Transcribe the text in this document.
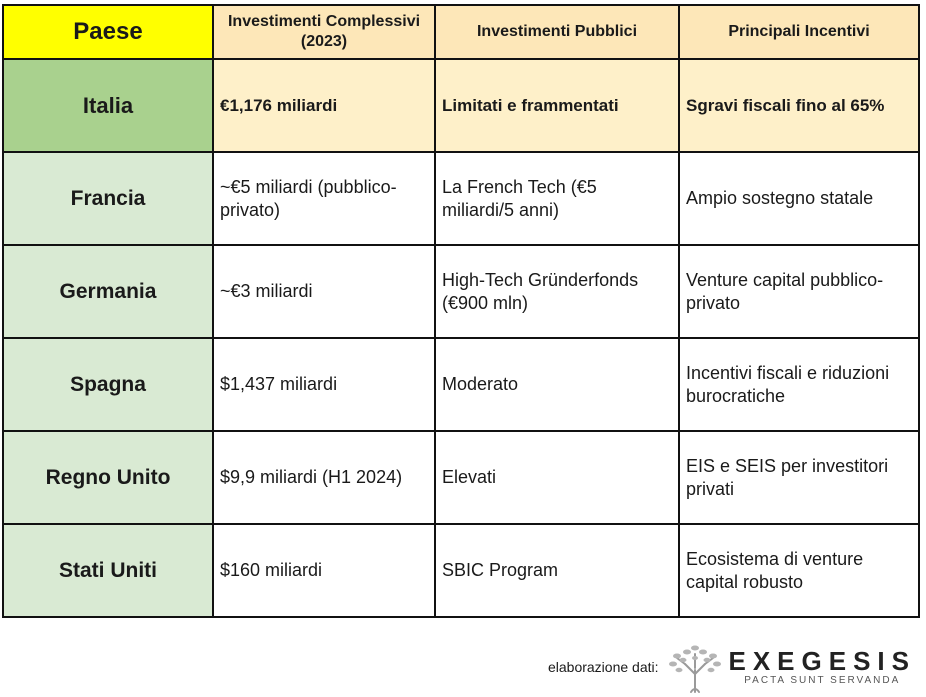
Paese	Investimenti Complessivi (2023)	Investimenti Pubblici	Principali Incentivi
Italia	€1,176 miliardi	Limitati e frammentati	Sgravi fiscali fino al 65%
Francia	~€5 miliardi (pubblico-privato)	La French Tech (€5 miliardi/5 anni)	Ampio sostegno statale
Germania	~€3 miliardi	High-Tech Gründerfonds (€900 mln)	Venture capital pubblico-privato
Spagna	$1,437 miliardi	Moderato	Incentivi fiscali e riduzioni burocratiche
Regno Unito	$9,9 miliardi (H1 2024)	Elevati	EIS e SEIS per investitori privati
Stati Uniti	$160 miliardi	SBIC Program	Ecosistema di venture capital robusto
elaborazione dati:	EXEGESIS
PACTA SUNT SERVANDA
